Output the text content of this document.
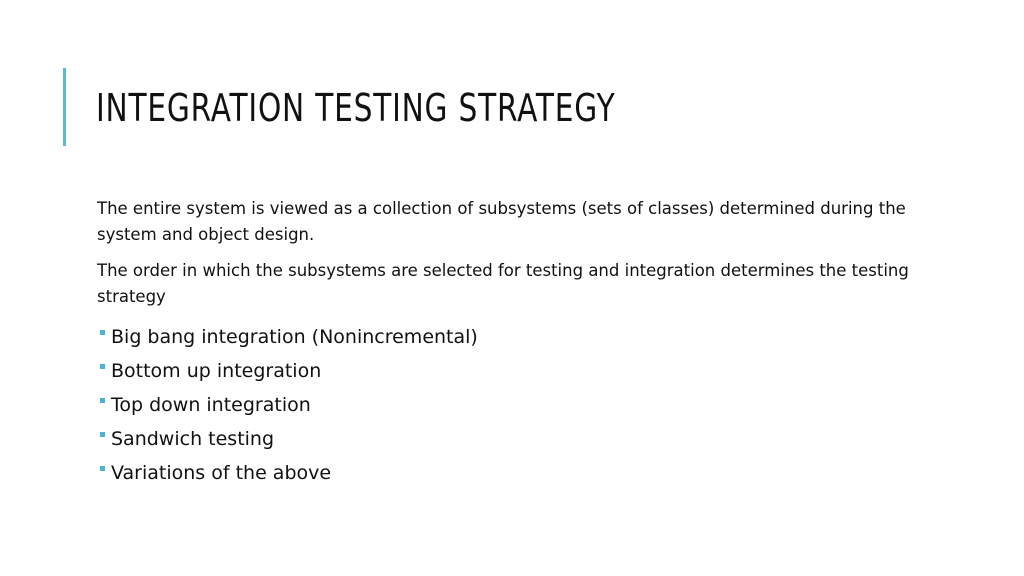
INTEGRATION TESTING STRATEGY

The entire system is viewed as a collection of subsystems (sets of classes) determined during the system and object design.

The order in which the subsystems are selected for testing and integration determines the testing strategy

Big bang integration (Nonincremental)
Bottom up integration
Top down integration
Sandwich testing
Variations of the above
